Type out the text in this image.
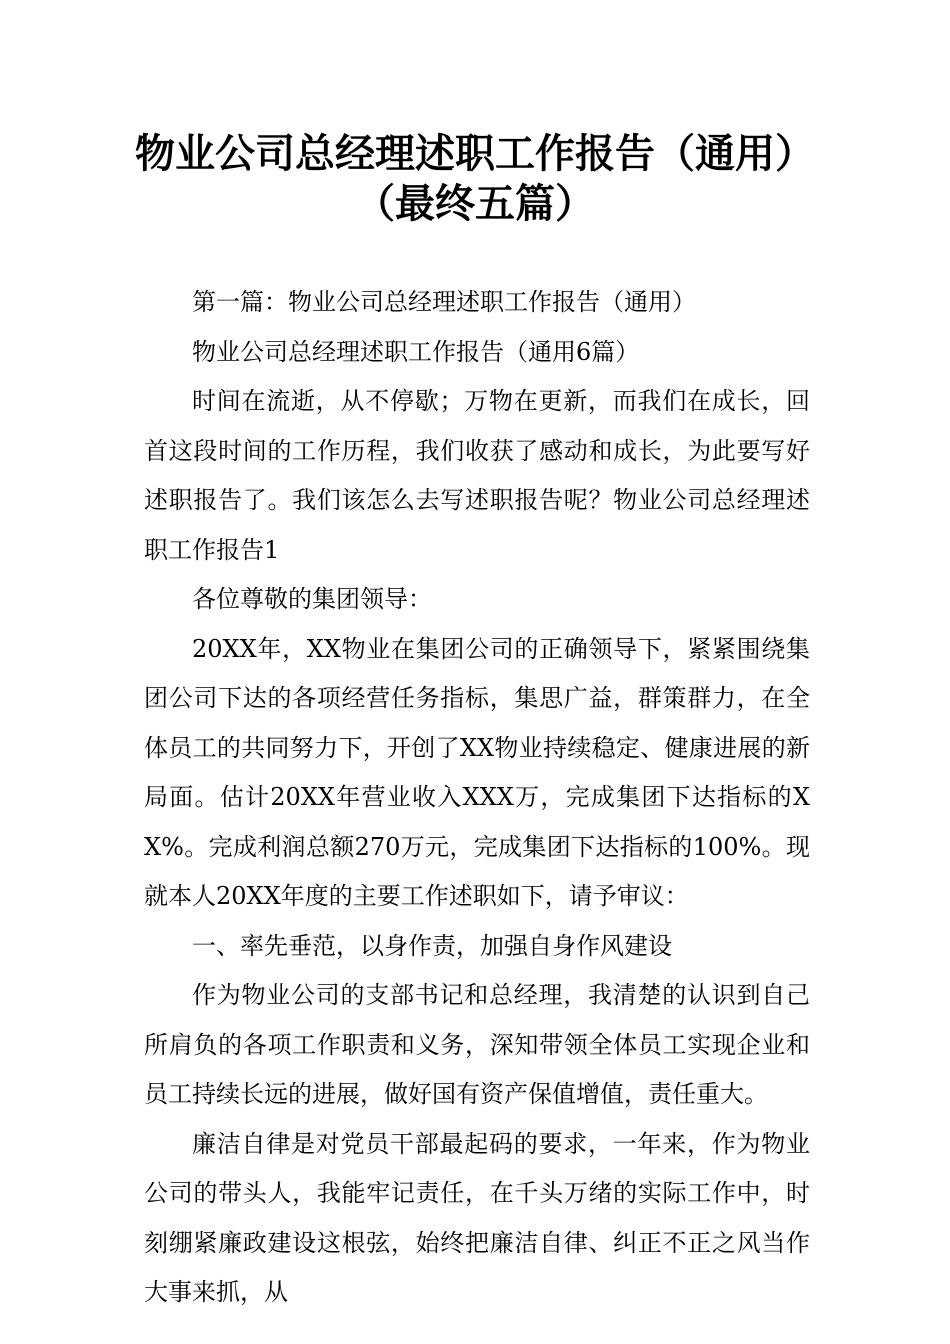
物业公司总经理述职工作报告（通用）
（最终五篇）

第一篇：物业公司总经理述职工作报告（通用）

物业公司总经理述职工作报告（通用6篇）

时间在流逝，从不停歇；万物在更新，而我们在成长，回首这段时间的工作历程，我们收获了感动和成长，为此要写好述职报告了。我们该怎么去写述职报告呢？物业公司总经理述职工作报告1

各位尊敬的集团领导：

20XX年，XX物业在集团公司的正确领导下，紧紧围绕集团公司下达的各项经营任务指标，集思广益，群策群力，在全体员工的共同努力下，开创了XX物业持续稳定、健康进展的新局面。估计20XX年营业收入XXX万，完成集团下达指标的XX%。完成利润总额270万元，完成集团下达指标的100%。现就本人20XX年度的主要工作述职如下，请予审议：

一、率先垂范，以身作责，加强自身作风建设

作为物业公司的支部书记和总经理，我清楚的认识到自己所肩负的各项工作职责和义务，深知带领全体员工实现企业和员工持续长远的进展，做好国有资产保值增值，责任重大。

廉洁自律是对党员干部最起码的要求，一年来，作为物业公司的带头人，我能牢记责任，在千头万绪的实际工作中，时刻绷紧廉政建设这根弦，始终把廉洁自律、纠正不正之风当作大事来抓，从
